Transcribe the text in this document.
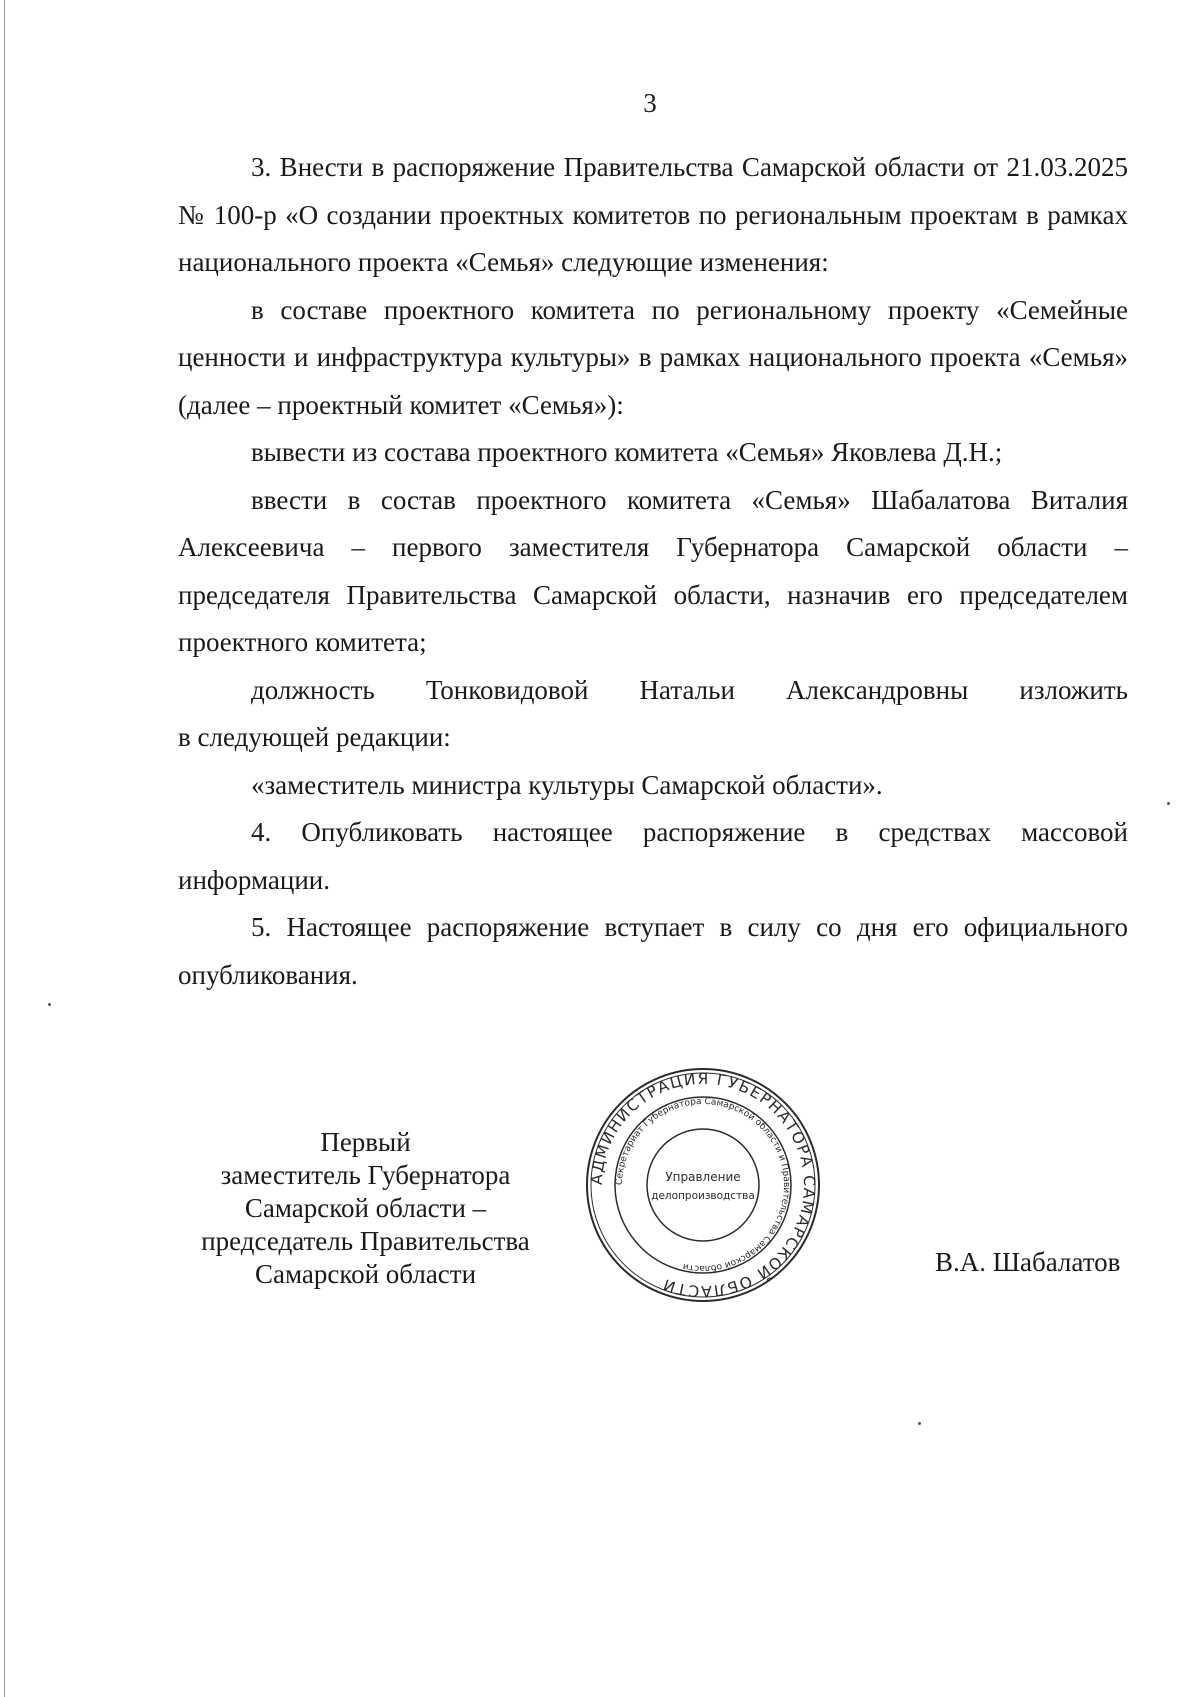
3

3. Внести в распоряжение Правительства Самарской области от 21.03.2025 № 100-р «О создании проектных комитетов по региональным проектам в рамках национального проекта «Семья» следующие изменения:

в составе проектного комитета по региональному проекту «Семейные ценности и инфраструктура культуры» в рамках национального проекта «Семья» (далее – проектный комитет «Семья»):

вывести из состава проектного комитета «Семья» Яковлева Д.Н.;

ввести в состав проектного комитета «Семья» Шабалатова Виталия Алексеевича – первого заместителя Губернатора Самарской области – председателя Правительства Самарской области, назначив его председателем проектного комитета;

должность Тонковидовой Натальи Александровны изложить

в следующей редакции:

«заместитель министра культуры Самарской области».

4. Опубликовать настоящее распоряжение в средствах массовой информации.

5. Настоящее распоряжение вступает в силу со дня его официального опубликования.

Первый
заместитель Губернатора
Самарской области –
председатель Правительства
Самарской области
АДМИНИСТРАЦИЯ ГУБЕРНАТОРА САМАРСКОЙ ОБЛАСТИ
Секретариат Губернатора Самарской области и Правительства Самарской области
Управление
делопроизводства
В.А. Шабалатов
